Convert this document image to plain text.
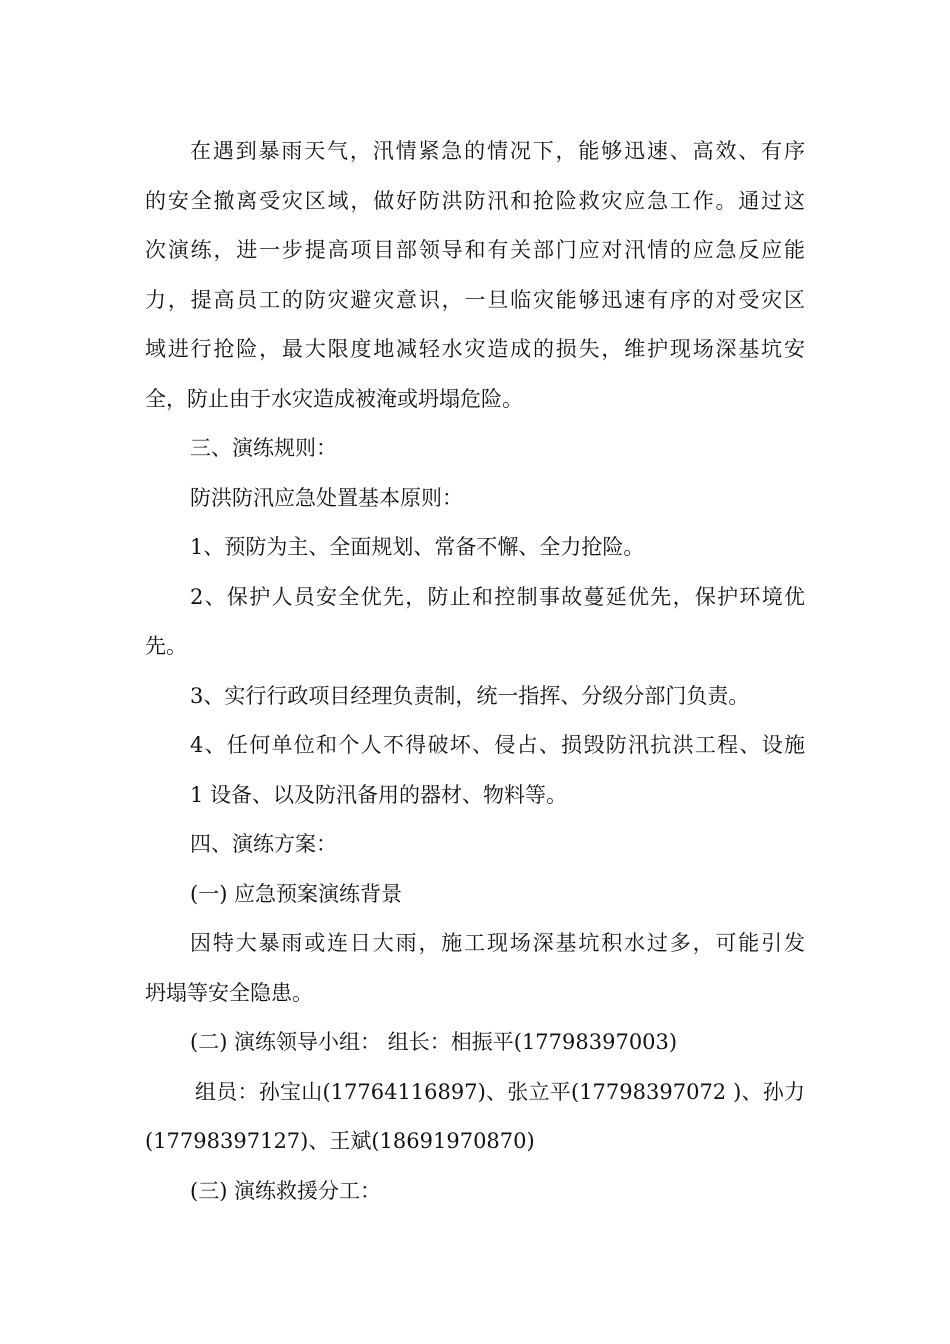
在遇到暴雨天气，汛情紧急的情况下，能够迅速、高效、有序
的安全撤离受灾区域，做好防洪防汛和抢险救灾应急工作。通过这
次演练，进一步提高项目部领导和有关部门应对汛情的应急反应能
力，提高员工的防灾避灾意识，一旦临灾能够迅速有序的对受灾区
域进行抢险，最大限度地减轻水灾造成的损失，维护现场深基坑安
全，防止由于水灾造成被淹或坍塌危险。
三、演练规则：
防洪防汛应急处置基本原则：
1、预防为主、全面规划、常备不懈、全力抢险。
2、保护人员安全优先，防止和控制事故蔓延优先，保护环境优
先。
3、实行行政项目经理负责制，统一指挥、分级分部门负责。
4、任何单位和个人不得破坏、侵占、损毁防汛抗洪工程、设施
1 设备、以及防汛备用的器材、物料等。
四、演练方案：
(一) 应急预案演练背景
因特大暴雨或连日大雨，施工现场深基坑积水过多，可能引发
坍塌等安全隐患。
(二) 演练领导小组： 组长：相振平(17798397003)
组员：孙宝山(17764116897)、张立平(17798397072 )、孙力
(17798397127)、王斌(18691970870)
(三) 演练救援分工：
